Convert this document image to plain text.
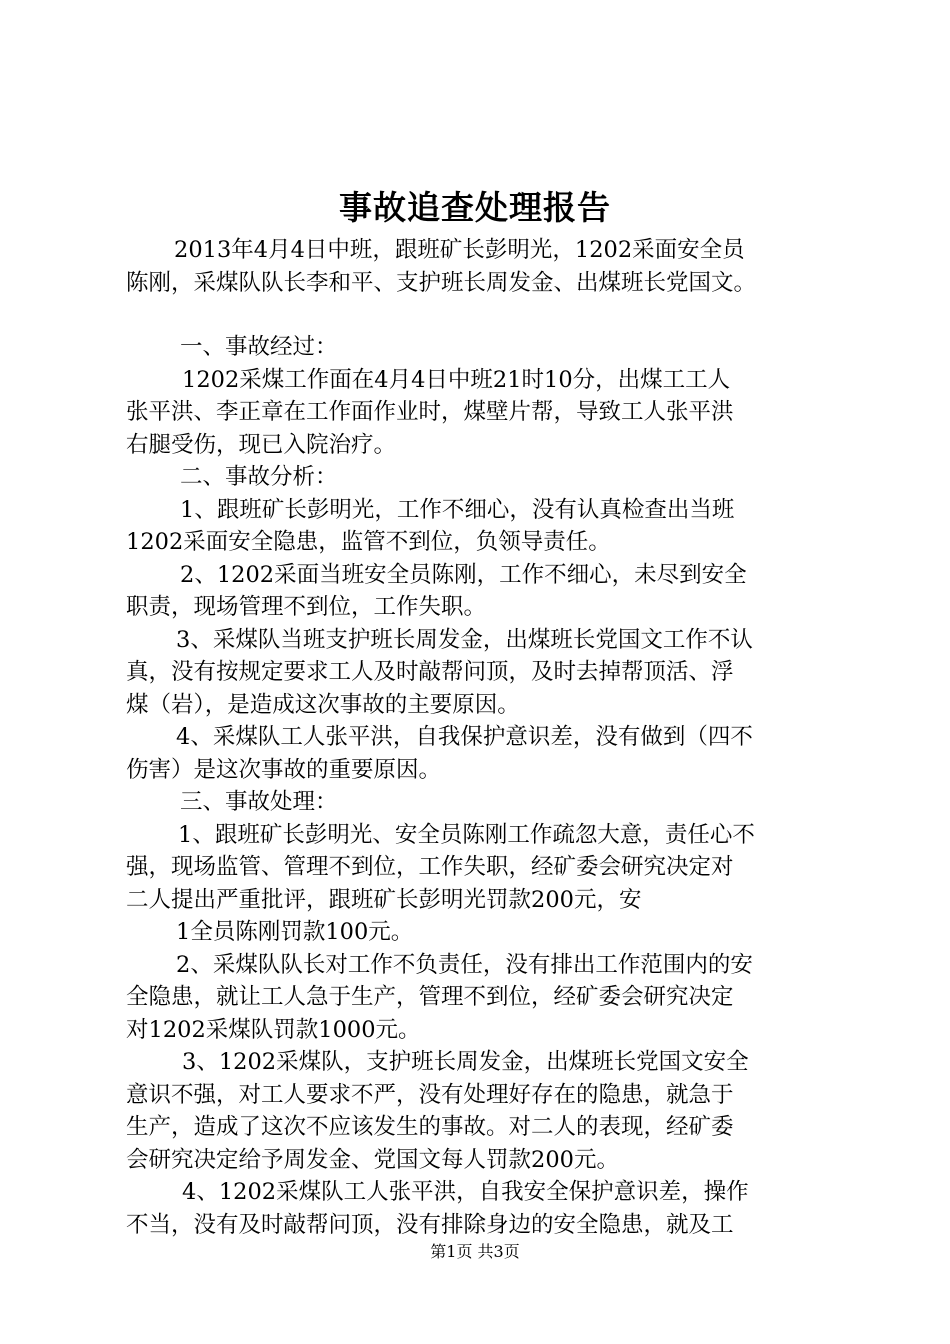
事故追查处理报告

2013年4月4日中班，跟班矿长彭明光，1202采面安全员

陈刚，采煤队队长李和平、支护班长周发金、出煤班长党国文。

一、事故经过：

1202采煤工作面在4月4日中班21时10分，出煤工工人

张平洪、李正章在工作面作业时，煤壁片帮，导致工人张平洪

右腿受伤，现已入院治疗。

二、事故分析：

1、跟班矿长彭明光，工作不细心，没有认真检查出当班

1202采面安全隐患，监管不到位，负领导责任。

2、1202采面当班安全员陈刚，工作不细心，未尽到安全

职责，现场管理不到位，工作失职。

3、采煤队当班支护班长周发金，出煤班长党国文工作不认

真，没有按规定要求工人及时敲帮问顶，及时去掉帮顶活、浮

煤（岩），是造成这次事故的主要原因。

4、采煤队工人张平洪，自我保护意识差，没有做到（四不

伤害）是这次事故的重要原因。

三、事故处理：

1、跟班矿长彭明光、安全员陈刚工作疏忽大意，责任心不

强，现场监管、管理不到位，工作失职，经矿委会研究决定对

二人提出严重批评，跟班矿长彭明光罚款200元，安

1全员陈刚罚款100元。

2、采煤队队长对工作不负责任，没有排出工作范围内的安

全隐患，就让工人急于生产，管理不到位，经矿委会研究决定

对1202采煤队罚款1000元。

3、1202采煤队，支护班长周发金，出煤班长党国文安全

意识不强，对工人要求不严，没有处理好存在的隐患，就急于

生产，造成了这次不应该发生的事故。对二人的表现，经矿委

会研究决定给予周发金、党国文每人罚款200元。

4、1202采煤队工人张平洪，自我安全保护意识差，操作

不当，没有及时敲帮问顶，没有排除身边的安全隐患，就及工

第1页 共3页
